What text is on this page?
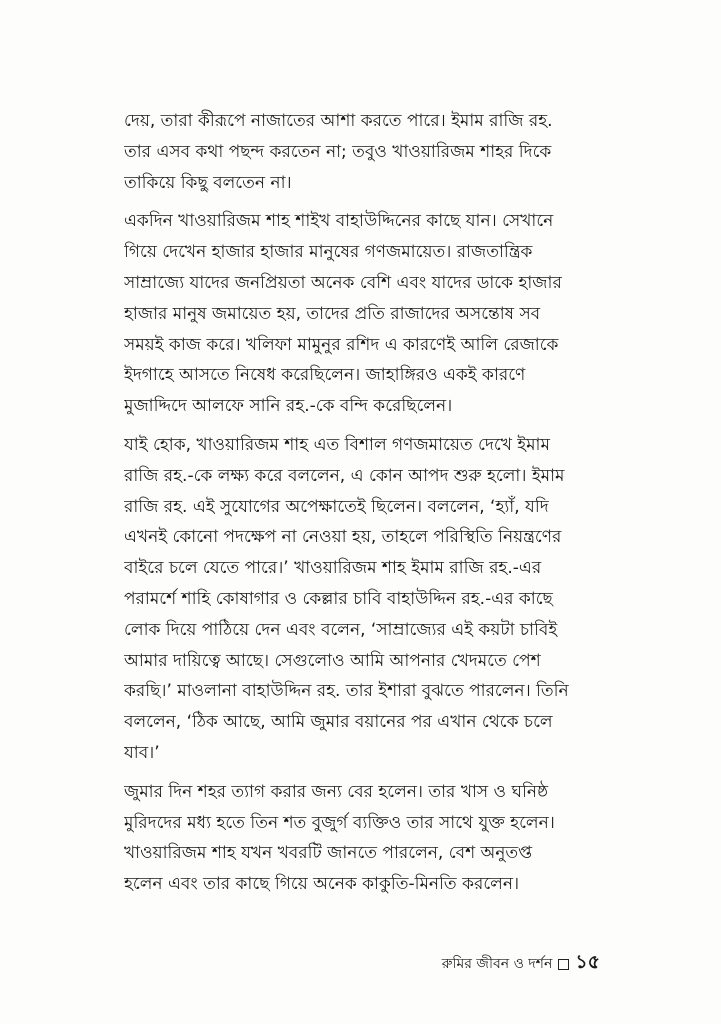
দেয়, তারা কীরূপে নাজাতের আশা করতে পারে। ইমাম রাজি রহ.
তার এসব কথা পছন্দ করতেন না; তবুও খাওয়ারিজম শাহর দিকে
তাকিয়ে কিছু বলতেন না।

একদিন খাওয়ারিজম শাহ শাইখ বাহাউদ্দিনের কাছে যান। সেখানে
গিয়ে দেখেন হাজার হাজার মানুষের গণজমায়েত। রাজতান্ত্রিক
সাম্রাজ্যে যাদের জনপ্রিয়তা অনেক বেশি এবং যাদের ডাকে হাজার
হাজার মানুষ জমায়েত হয়, তাদের প্রতি রাজাদের অসন্তোষ সব
সময়ই কাজ করে। খলিফা মামুনুর রশিদ এ কারণেই আলি রেজাকে
ইদগাহে আসতে নিষেধ করেছিলেন। জাহাঙ্গিরও একই কারণে
মুজাদ্দিদে আলফে সানি রহ.-কে বন্দি করেছিলেন।

যাই হোক, খাওয়ারিজম শাহ এত বিশাল গণজমায়েত দেখে ইমাম
রাজি রহ.-কে লক্ষ্য করে বললেন, এ কোন আপদ শুরু হলো। ইমাম
রাজি রহ. এই সুযোগের অপেক্ষাতেই ছিলেন। বললেন, ‘হ্যাঁ, যদি
এখনই কোনো পদক্ষেপ না নেওয়া হয়, তাহলে পরিস্থিতি নিয়ন্ত্রণের
বাইরে চলে যেতে পারে।’ খাওয়ারিজম শাহ ইমাম রাজি রহ.-এর
পরামর্শে শাহি কোষাগার ও কেল্লার চাবি বাহাউদ্দিন রহ.-এর কাছে
লোক দিয়ে পাঠিয়ে দেন এবং বলেন, ‘সাম্রাজ্যের এই কয়টা চাবিই
আমার দায়িত্বে আছে। সেগুলোও আমি আপনার খেদমতে পেশ
করছি।’ মাওলানা বাহাউদ্দিন রহ. তার ইশারা বুঝতে পারলেন। তিনি
বললেন, ‘ঠিক আছে, আমি জুমার বয়ানের পর এখান থেকে চলে
যাব।’

জুমার দিন শহর ত্যাগ করার জন্য বের হলেন। তার খাস ও ঘনিষ্ঠ
মুরিদদের মধ্য হতে তিন শত বুজুর্গ ব্যক্তিও তার সাথে যুক্ত হলেন।
খাওয়ারিজম শাহ যখন খবরটি জানতে পারলেন, বেশ অনুতপ্ত
হলেন এবং তার কাছে গিয়ে অনেক কাকুতি-মিনতি করলেন।

রুমির জীবন ও দর্শন ১৫
